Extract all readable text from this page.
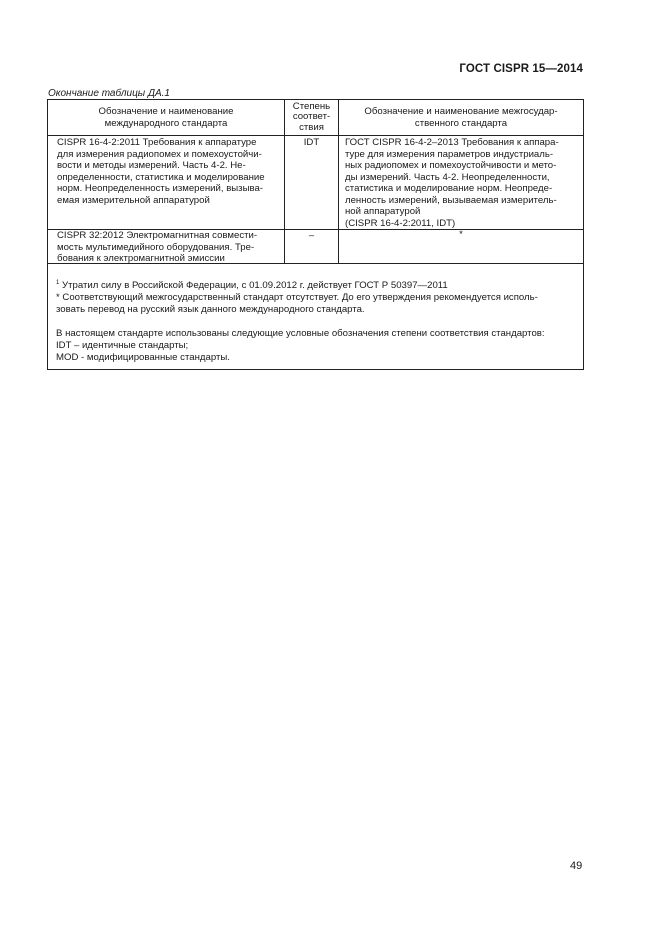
ГОСТ CISPR 15—2014
Окончание таблицы ДА.1
Обозначение и наименование
международного стандарта
Степень
соответ-
ствия
Обозначение и наименование межгосудар-
ственного стандарта
CISPR 16-4-2:2011 Требования к аппаратуре
для измерения радиопомех и помехоустойчи-
вости и методы измерений. Часть 4-2. Не-
определенности, статистика и моделирование
норм. Неопределенность измерений, вызыва-
емая измерительной аппаратурой
IDT	ГОСТ CISPR 16-4-2–2013 Требования к аппара-
туре для измерения параметров индустриаль-
ных радиопомех и помехоустойчивости и мето-
ды измерений. Часть 4-2. Неопределенности,
статистика и моделирование норм. Неопреде-
ленность измерений, вызываемая измеритель-
ной аппаратурой
(CISPR 16-4-2:2011, IDT)
CISPR 32:2012 Электромагнитная совмести-
мость мультимедийного оборудования. Тре-
бования к электромагнитной эмиссии
–	*

$^1$ Утратил силу в Российской Федерации, с 01.09.2012 г. действует ГОСТ Р 50397—2011

* Соответствующий межгосударственный стандарт отсутствует. До его утверждения рекомендуется исполь-
зовать перевод на русский язык данного международного стандарта.

В настоящем стандарте использованы следующие условные обозначения степени соответствия стандартов:

IDT – идентичные стандарты;

MOD - модифицированные стандарты.

49
